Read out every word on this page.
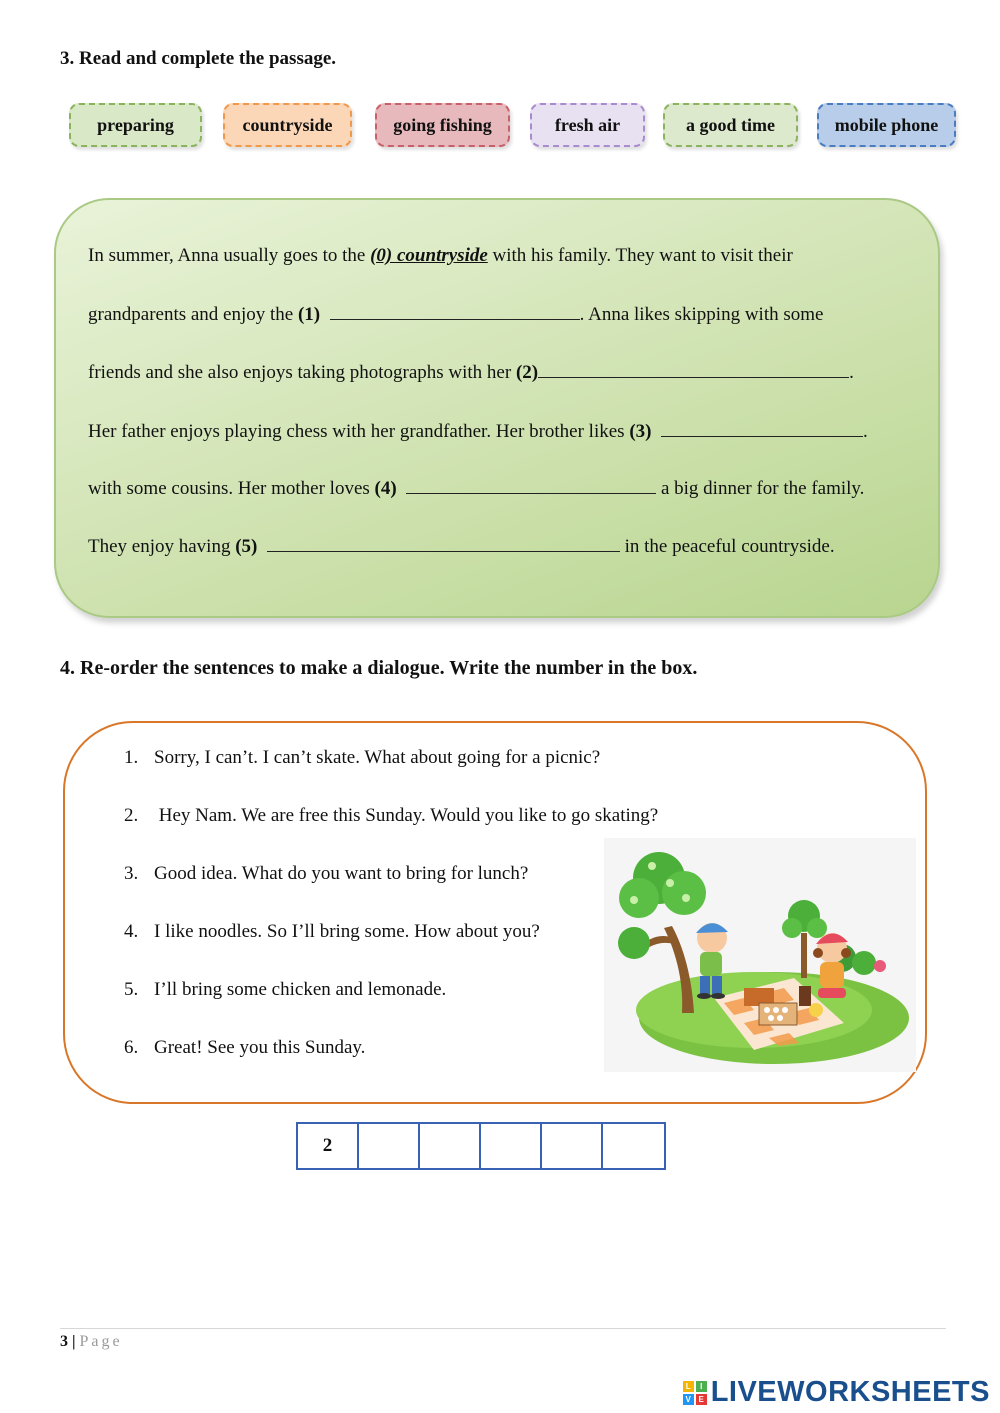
3. Read and complete the passage.
preparing	countryside	going fishing	fresh air	a good time	mobile phone
In summer, Anna usually goes to the (0) countryside with his family. They want to visit their
grandparents and enjoy the (1)	. Anna likes skipping with some
friends and she also enjoys taking photographs with her (2)	.
Her father enjoys playing chess with her grandfather. Her brother likes (3)	.
with some cousins. Her mother loves (4)	a big dinner for the family.
They enjoy having (5)	in the peaceful countryside.
4. Re-order the sentences to make a dialogue. Write the number in the box.
1. Sorry, I can’t. I can’t skate. What about going for a picnic?
2. Hey Nam. We are free this Sunday. Would you like to go skating?
3. Good idea. What do you want to bring for lunch?
4. I like noodles. So I’ll bring some. How about you?
5. I’ll bring some chicken and lemonade.
6. Great! See you this Sunday.
2
3 | Page
L	I
V E LIVEWORKSHEETS
